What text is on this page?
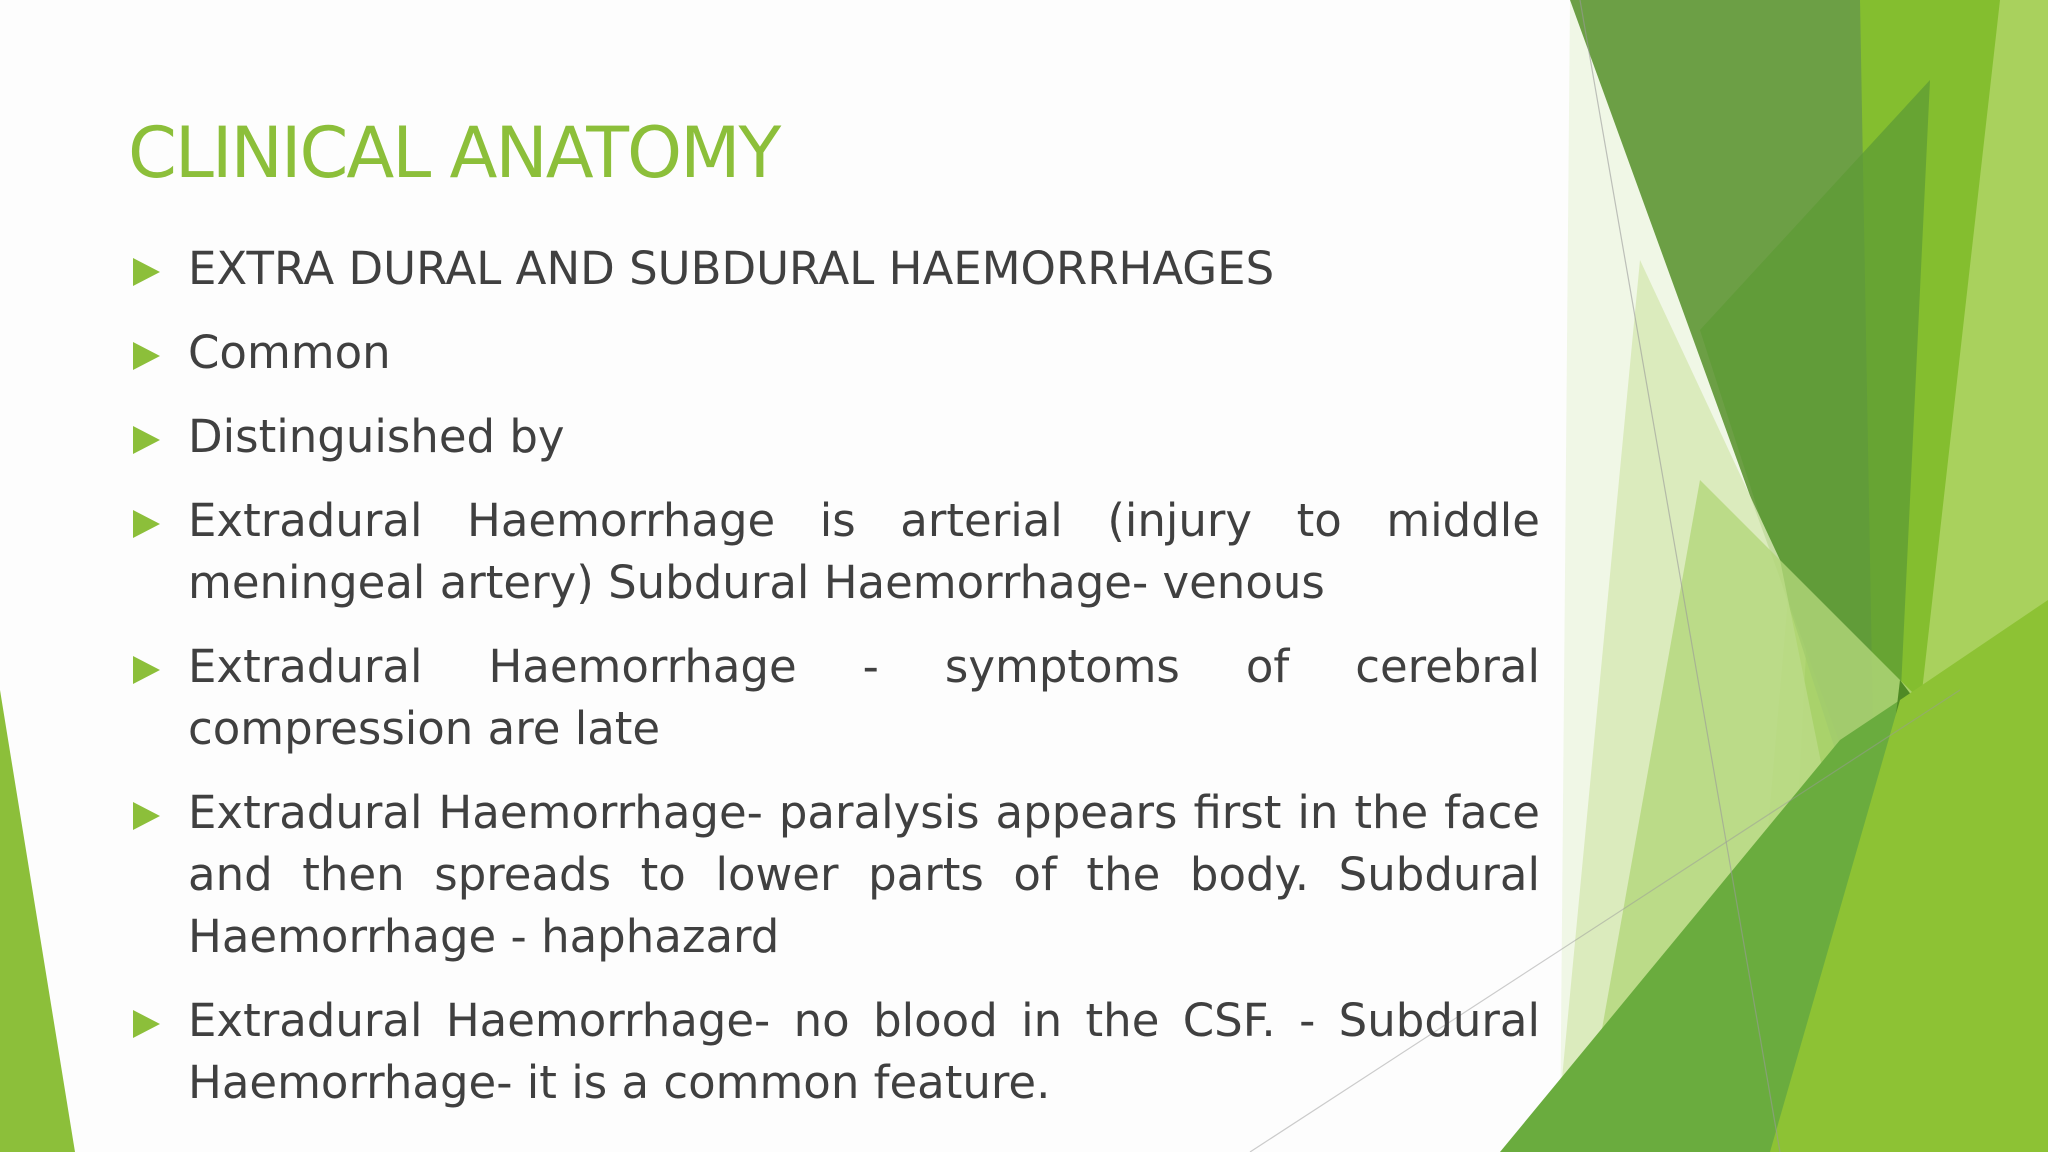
CLINICAL ANATOMY
EXTRA DURAL AND SUBDURAL HAEMORRHAGES
Common
Distinguished by
Extradural Haemorrhage is arterial (injury to middle meningeal artery) Subdural Haemorrhage- venous
Extradural Haemorrhage - symptoms of cerebral compression are late
Extradural Haemorrhage- paralysis appears first in the face and then spreads to lower parts of the body. Subdural Haemorrhage - haphazard
Extradural Haemorrhage- no blood in the CSF. - Subdural Haemorrhage- it is a common feature.
